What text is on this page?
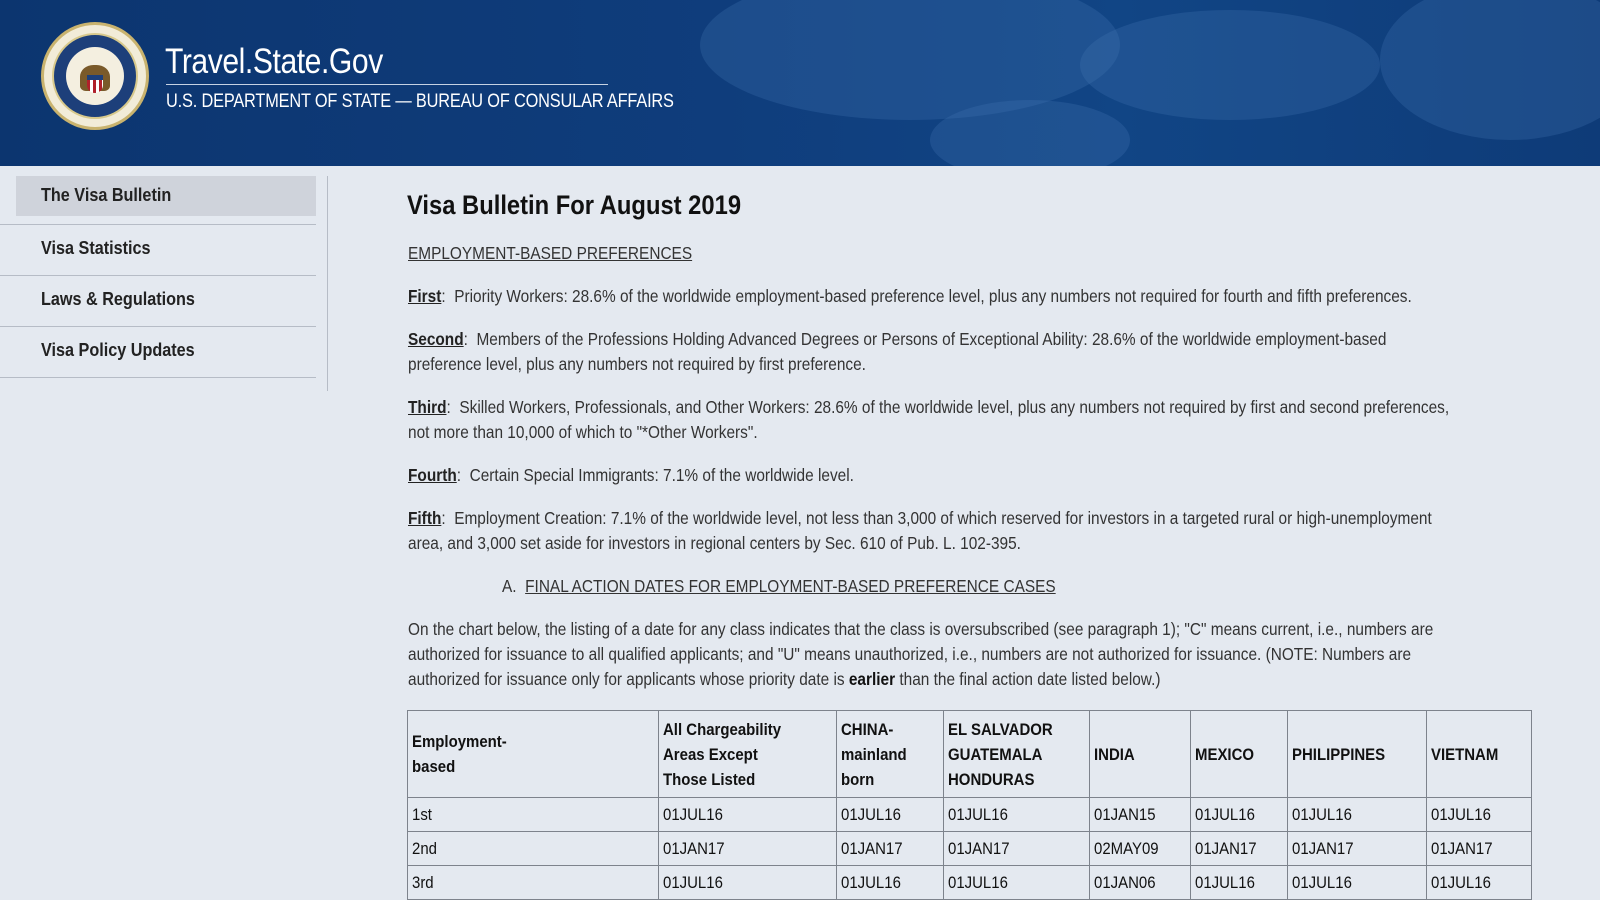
Travel.State.Gov
U.S. DEPARTMENT OF STATE — BUREAU OF CONSULAR AFFAIRS
The Visa Bulletin
Visa Statistics
Laws & Regulations
Visa Policy Updates
Visa Bulletin For August 2019
EMPLOYMENT-BASED PREFERENCES
First:  Priority Workers: 28.6% of the worldwide employment-based preference level, plus any numbers not required for fourth and fifth preferences.
Second:  Members of the Professions Holding Advanced Degrees or Persons of Exceptional Ability: 28.6% of the worldwide employment-based
preference level, plus any numbers not required by first preference.
Third:  Skilled Workers, Professionals, and Other Workers: 28.6% of the worldwide level, plus any numbers not required by first and second preferences,
not more than 10,000 of which to "*Other Workers".
Fourth:  Certain Special Immigrants: 7.1% of the worldwide level.
Fifth:  Employment Creation: 7.1% of the worldwide level, not less than 3,000 of which reserved for investors in a targeted rural or high-unemployment
area, and 3,000 set aside for investors in regional centers by Sec. 610 of Pub. L. 102-395.
A. FINAL ACTION DATES FOR EMPLOYMENT-BASED PREFERENCE CASES
On the chart below, the listing of a date for any class indicates that the class is oversubscribed (see paragraph 1); "C" means current, i.e., numbers are
authorized for issuance to all qualified applicants; and "U" means unauthorized, i.e., numbers are not authorized for issuance. (NOTE: Numbers are
authorized for issuance only for applicants whose priority date is earlier than the final action date listed below.)
Employment-
based	All Chargeability
Areas Except
Those Listed	CHINA-
mainland
born	EL SALVADOR
GUATEMALA
HONDURAS	INDIA	MEXICO	PHILIPPINES	VIETNAM
1st	01JUL16	01JUL16	01JUL16	01JAN15	01JUL16	01JUL16	01JUL16
2nd	01JAN17	01JAN17	01JAN17	02MAY09	01JAN17	01JAN17	01JAN17
3rd	01JUL16	01JUL16	01JUL16	01JAN06	01JUL16	01JUL16	01JUL16
